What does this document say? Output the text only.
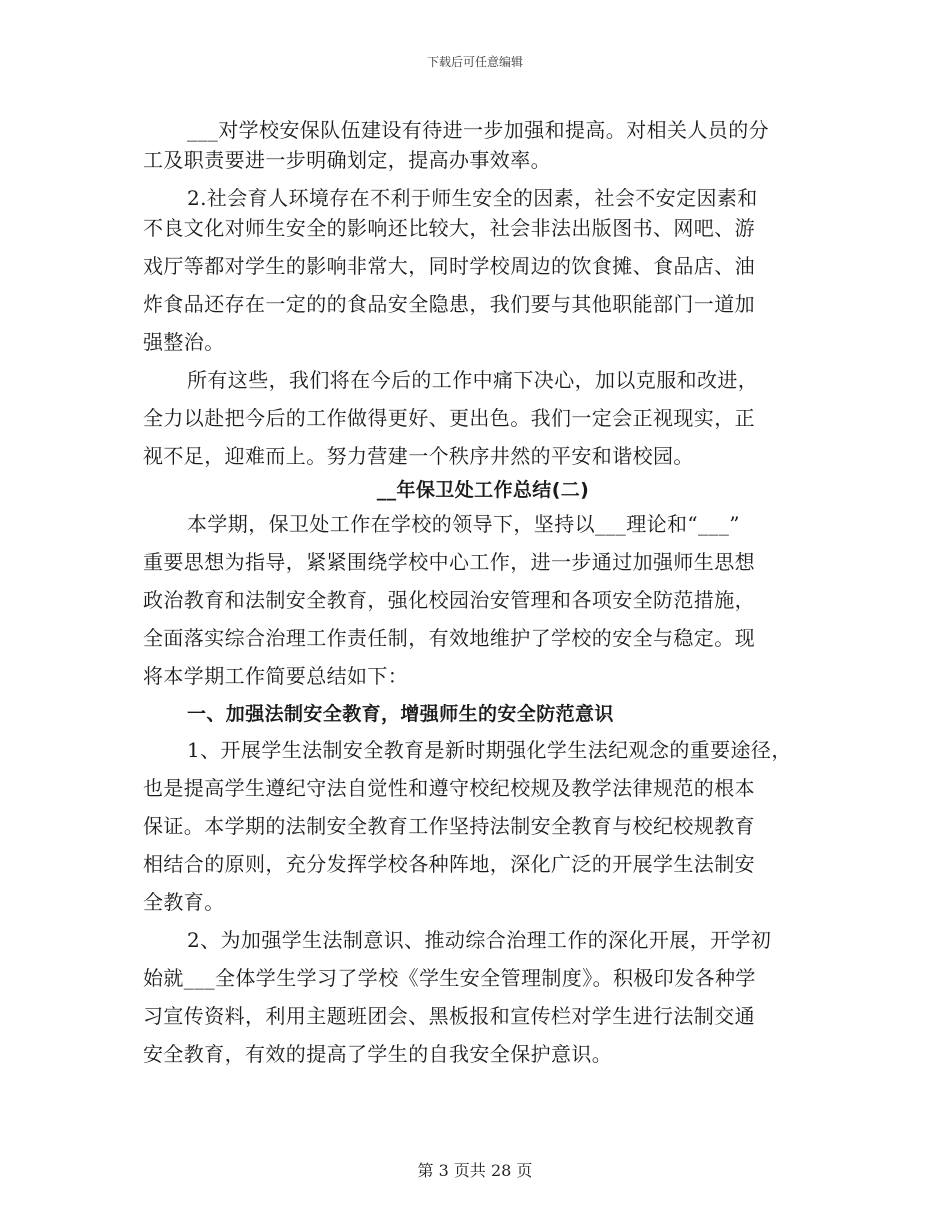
下载后可任意编辑
___对学校安保队伍建设有待进一步加强和提高。对相关人员的分
工及职责要进一步明确划定，提高办事效率。
2.社会育人环境存在不利于师生安全的因素，社会不安定因素和
不良文化对师生安全的影响还比较大，社会非法出版图书、网吧、游
戏厅等都对学生的影响非常大，同时学校周边的饮食摊、食品店、油
炸食品还存在一定的的食品安全隐患，我们要与其他职能部门一道加
强整治。
所有这些，我们将在今后的工作中痛下决心，加以克服和改进，
全力以赴把今后的工作做得更好、更出色。我们一定会正视现实，正
视不足，迎难而上。努力营建一个秩序井然的平安和谐校园。
__年保卫处工作总结(二)
本学期，保卫处工作在学校的领导下，坚持以___理论和“___”
重要思想为指导，紧紧围绕学校中心工作，进一步通过加强师生思想
政治教育和法制安全教育，强化校园治安管理和各项安全防范措施，
全面落实综合治理工作责任制，有效地维护了学校的安全与稳定。现
将本学期工作简要总结如下：
一、加强法制安全教育，增强师生的安全防范意识
1、开展学生法制安全教育是新时期强化学生法纪观念的重要途径，
也是提高学生遵纪守法自觉性和遵守校纪校规及教学法律规范的根本
保证。本学期的法制安全教育工作坚持法制安全教育与校纪校规教育
相结合的原则，充分发挥学校各种阵地，深化广泛的开展学生法制安
全教育。
2、为加强学生法制意识、推动综合治理工作的深化开展，开学初
始就___全体学生学习了学校《学生安全管理制度》。积极印发各种学
习宣传资料，利用主题班团会、黑板报和宣传栏对学生进行法制交通
安全教育，有效的提高了学生的自我安全保护意识。
第 3 页共 28 页
